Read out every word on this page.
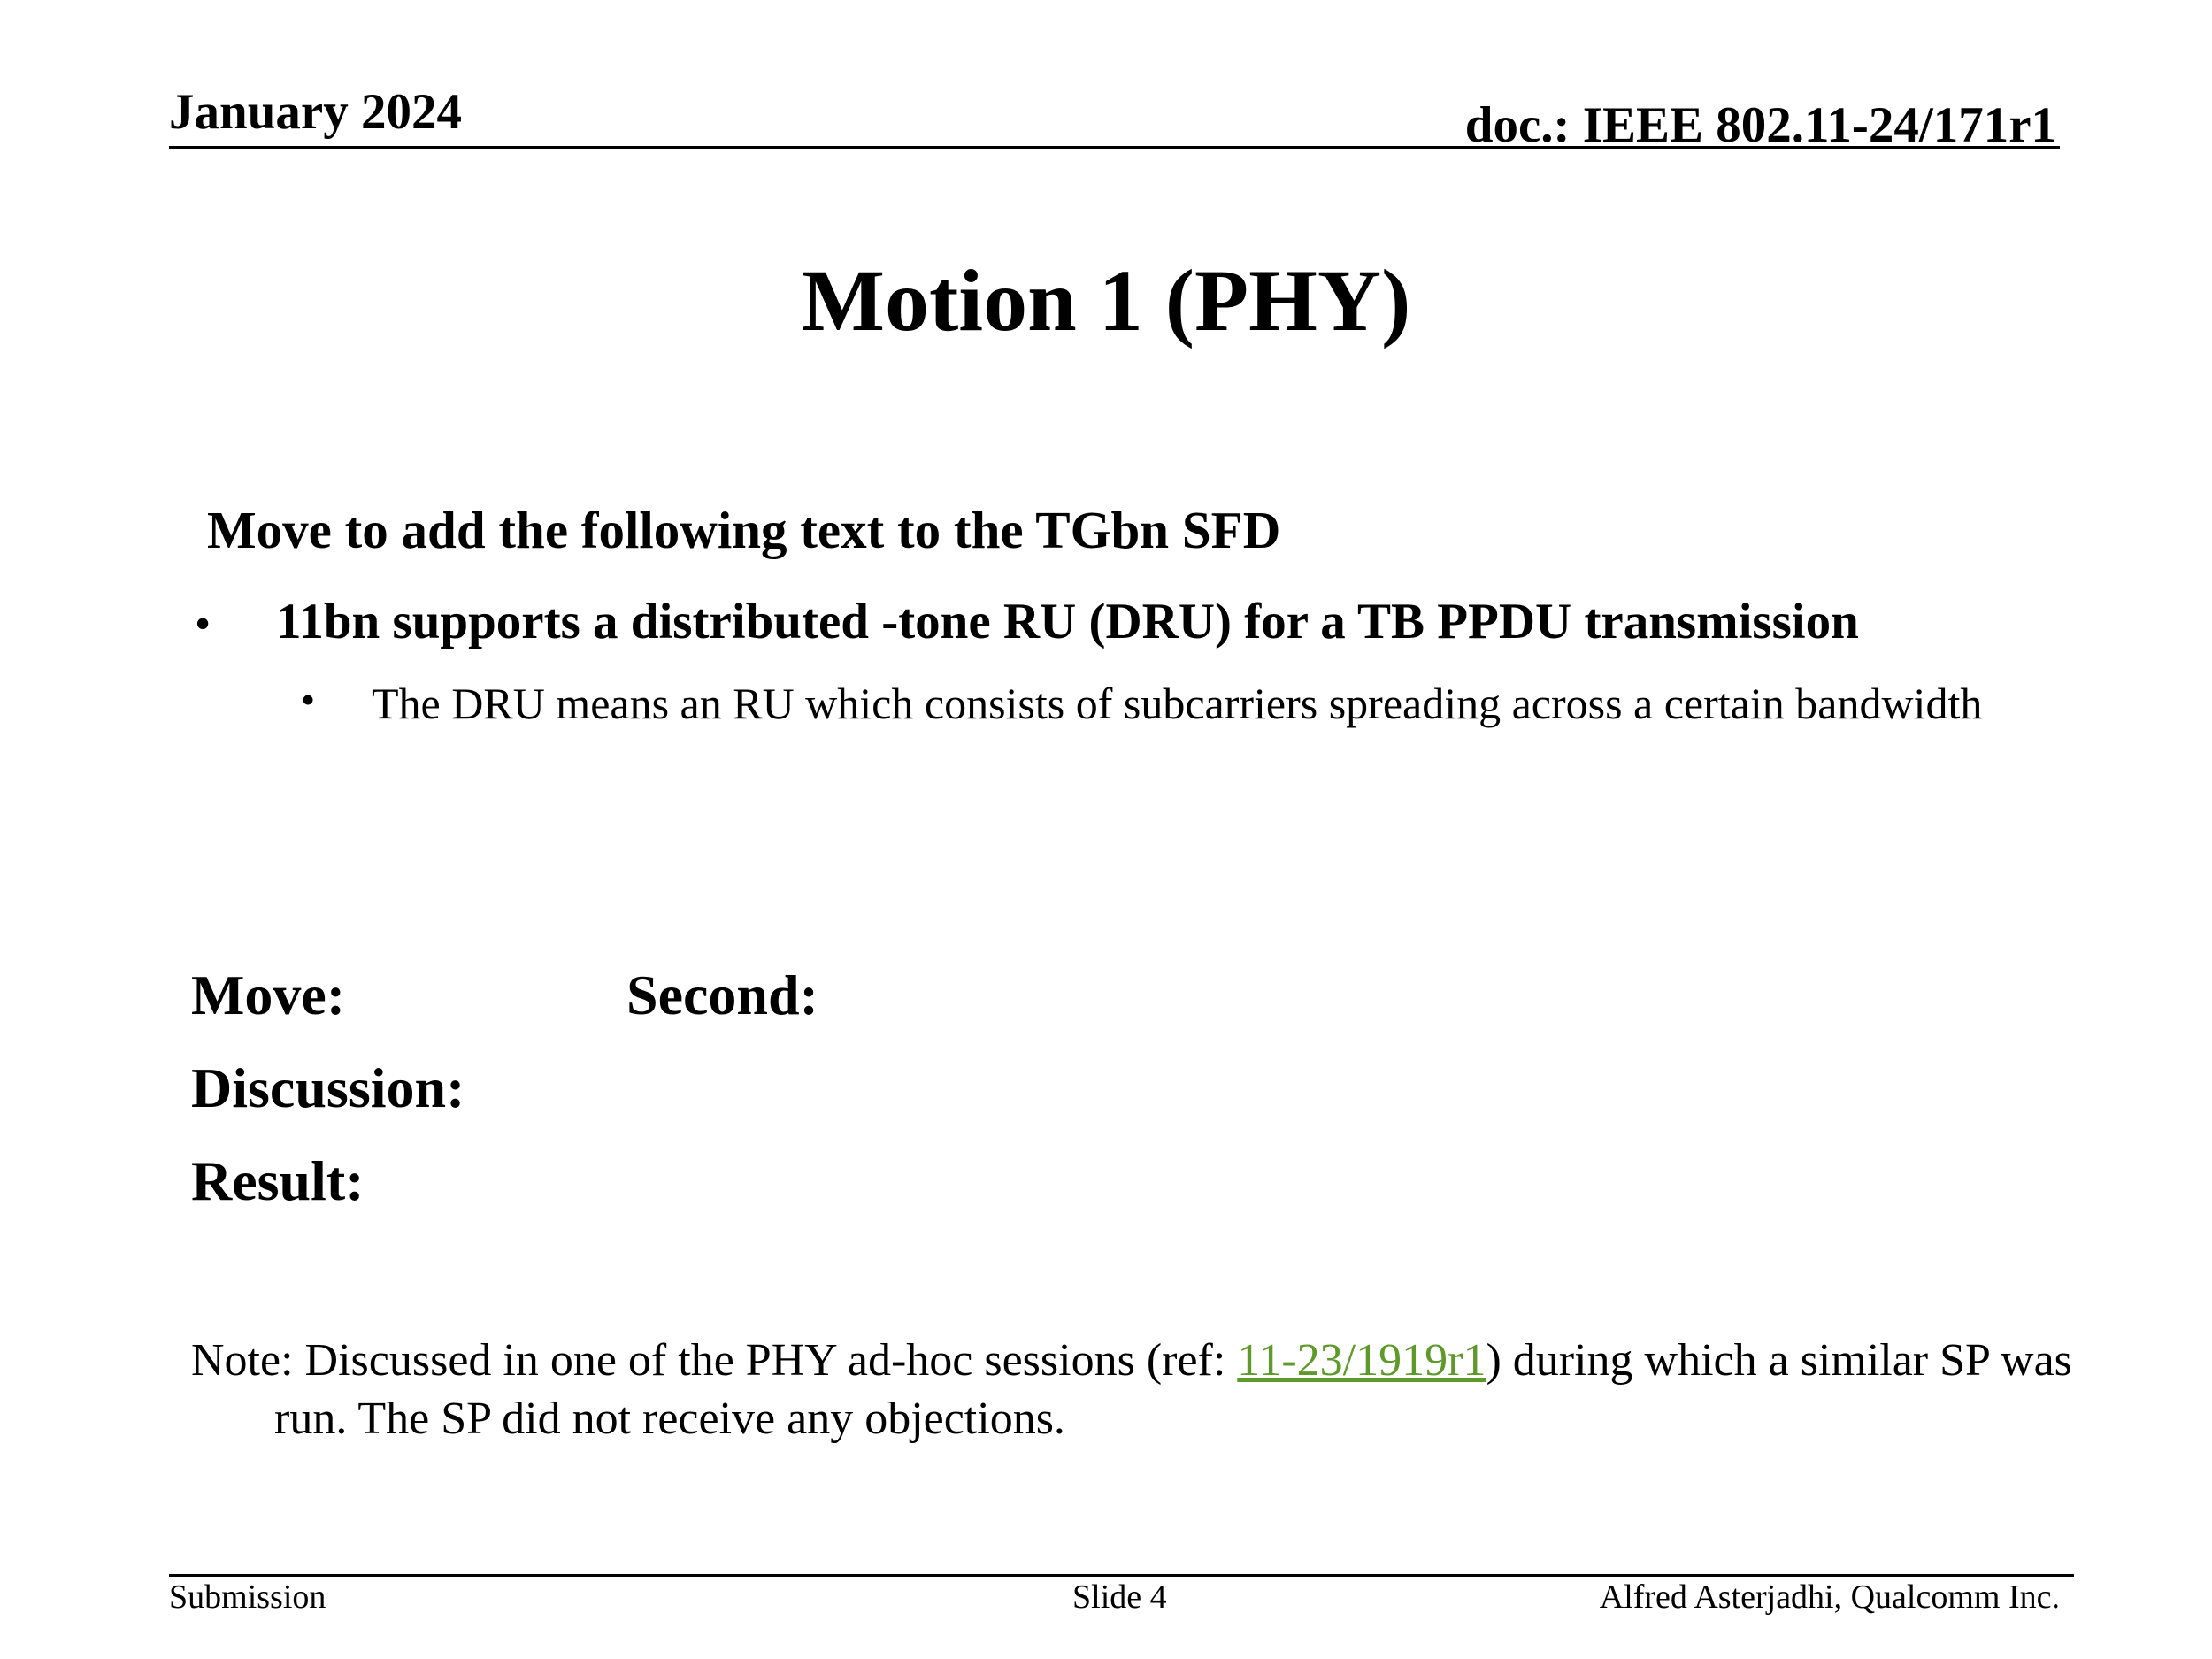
January 2024	doc.: IEEE 802.11-24/171r1
Motion 1 (PHY)
Move to add the following text to the TGbn SFD
• 11bn supports a distributed -tone RU (DRU) for a TB PPDU transmission
• The DRU means an RU which consists of subcarriers spreading across a certain bandwidth
Move:	Second:
Discussion:
Result:
Note: Discussed in one of the PHY ad-hoc sessions (ref: 11-23/1919r1) during which a similar SP was run. The SP did not receive any objections.
Submission	Slide 4	Alfred Asterjadhi, Qualcomm Inc.
